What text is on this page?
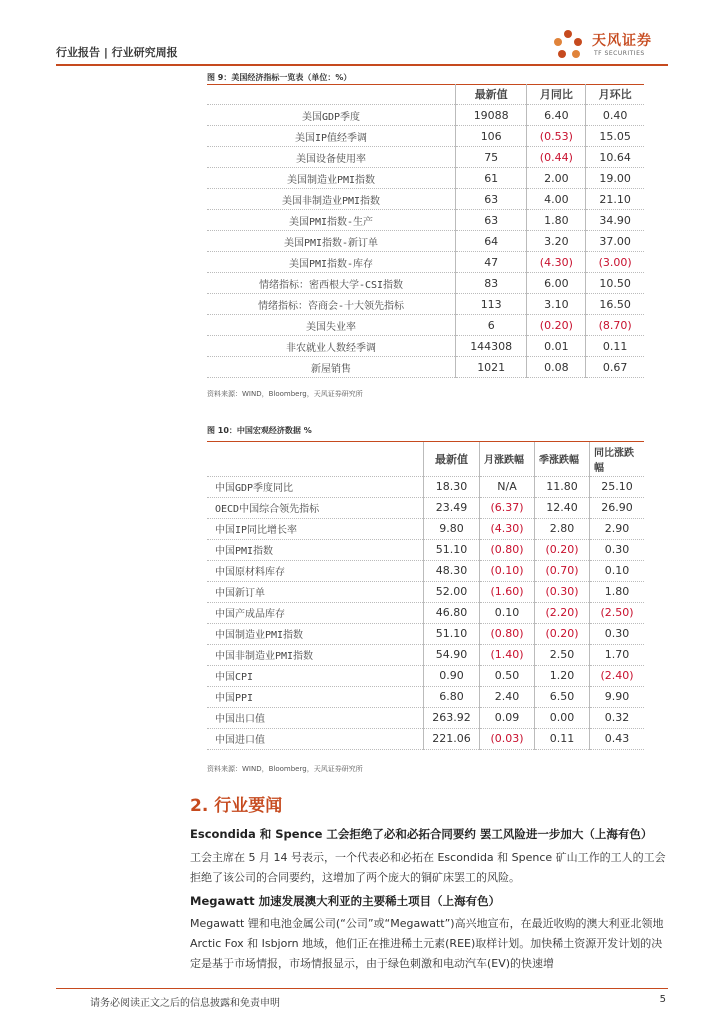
行业报告 | 行业研究周报
天风证券
TF SECURITIES
图 9：美国经济指标一览表（单位：%）
	最新值	月同比	月环比
美国GDP季度	19088	6.40	0.40
美国IP值经季调	106	(0.53)	15.05
美国设备使用率	75	(0.44)	10.64
美国制造业PMI指数	61	2.00	19.00
美国非制造业PMI指数	63	4.00	21.10
美国PMI指数-生产	63	1.80	34.90
美国PMI指数-新订单	64	3.20	37.00
美国PMI指数-库存	47	(4.30)	(3.00)
情绪指标：密西根大学-CSI指数	83	6.00	10.50
情绪指标：咨商会-十大领先指标	113	3.10	16.50
美国失业率	6	(0.20)	(8.70)
非农就业人数经季调	144308	0.01	0.11
新屋销售	1021	0.08	0.67
资料来源：WIND，Bloomberg，天风证券研究所
图 10：中国宏观经济数据 %
	最新值	月涨跌幅	季涨跌幅	同比涨跌幅
中国GDP季度同比	18.30	N/A	11.80	25.10
OECD中国综合领先指标	23.49	(6.37)	12.40	26.90
中国IP同比增长率	9.80	(4.30)	2.80	2.90
中国PMI指数	51.10	(0.80)	(0.20)	0.30
中国原材料库存	48.30	(0.10)	(0.70)	0.10
中国新订单	52.00	(1.60)	(0.30)	1.80
中国产成品库存	46.80	0.10	(2.20)	(2.50)
中国制造业PMI指数	51.10	(0.80)	(0.20)	0.30
中国非制造业PMI指数	54.90	(1.40)	2.50	1.70
中国CPI	0.90	0.50	1.20	(2.40)
中国PPI	6.80	2.40	6.50	9.90
中国出口值	263.92	0.09	0.00	0.32
中国进口值	221.06	(0.03)	0.11	0.43
资料来源：WIND，Bloomberg，天风证券研究所
2. 行业要闻
Escondida 和 Spence 工会拒绝了必和必拓合同要约 罢工风险进一步加大（上海有色）
工会主席在 5 月 14 号表示，一个代表必和必拓在 Escondida 和 Spence 矿山工作的工人的工会拒绝了该公司的合同要约，这增加了两个庞大的铜矿床罢工的风险。
Megawatt 加速发展澳大利亚的主要稀土项目（上海有色）
Megawatt 锂和电池金属公司(“公司”或“Megawatt”)高兴地宣布，在最近收购的澳大利亚北领地 Arctic Fox 和 Isbjorn 地域，他们正在推进稀土元素(REE)取样计划。加快稀土资源开发计划的决定是基于市场情报，市场情报显示，由于绿色刺激和电动汽车(EV)的快速增
请务必阅读正文之后的信息披露和免责申明	5
